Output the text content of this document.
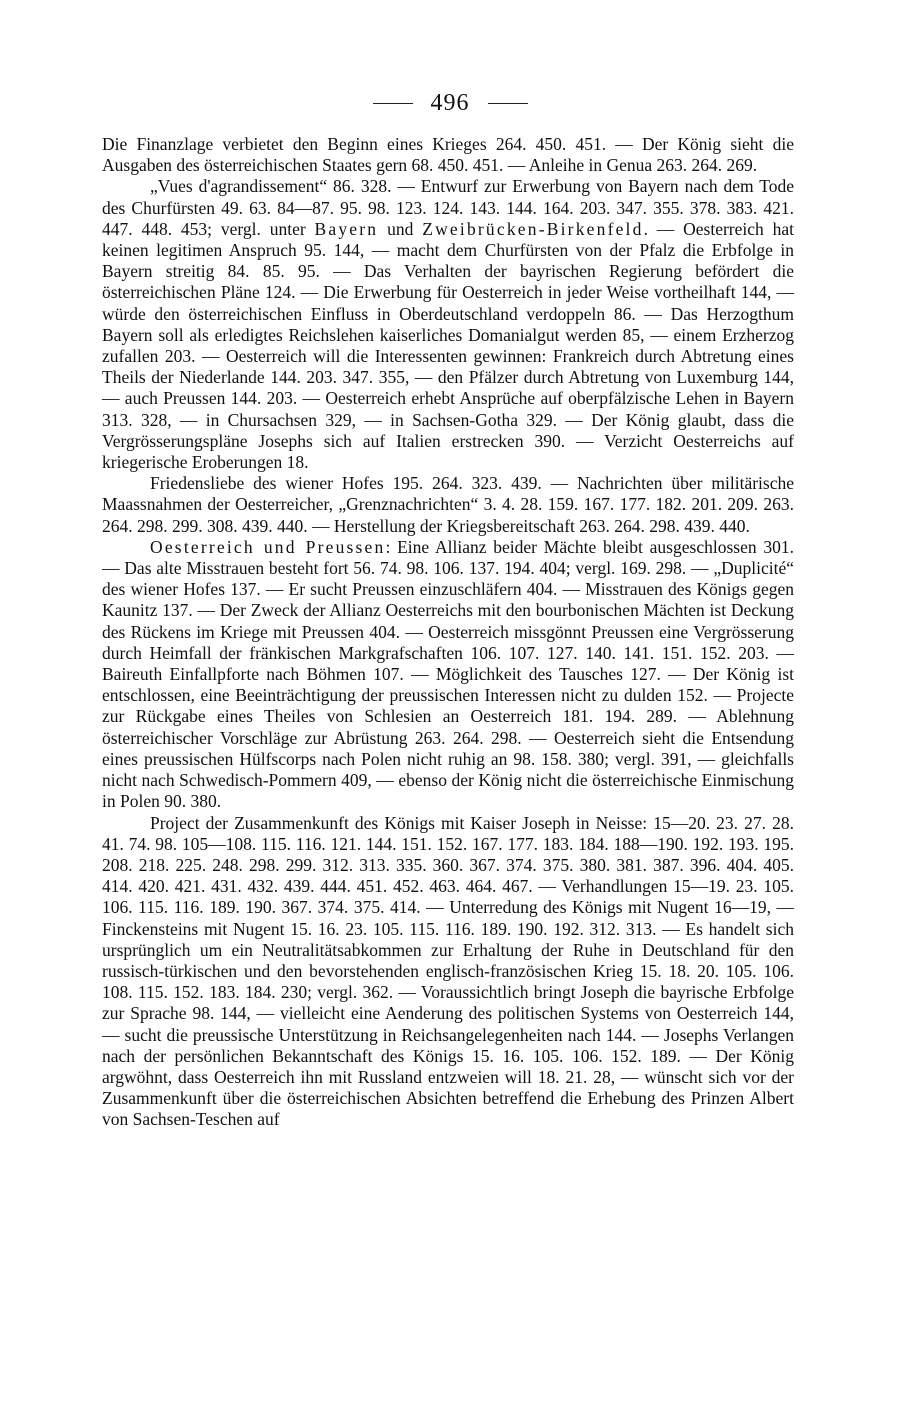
496

Die Finanzlage verbietet den Beginn eines Krieges 264. 450. 451. — Der König sieht die Ausgaben des österreichischen Staates gern 68. 450. 451. — Anleihe in Genua 263. 264. 269.

„Vues d'agrandissement“ 86. 328. — Entwurf zur Erwerbung von Bayern nach dem Tode des Churfürsten 49. 63. 84—87. 95. 98. 123. 124. 143. 144. 164. 203. 347. 355. 378. 383. 421. 447. 448. 453; vergl. unter Bayern und Zweibrücken-Birkenfeld. — Oesterreich hat keinen legitimen Anspruch 95. 144, — macht dem Churfürsten von der Pfalz die Erbfolge in Bayern streitig 84. 85. 95. — Das Verhalten der bayrischen Regierung befördert die österreichischen Pläne 124. — Die Erwerbung für Oesterreich in jeder Weise vortheilhaft 144, — würde den österreichischen Einfluss in Oberdeutschland verdoppeln 86. — Das Herzogthum Bayern soll als erledigtes Reichslehen kaiserliches Domanialgut werden 85, — einem Erzherzog zufallen 203. — Oesterreich will die Interessenten gewinnen: Frankreich durch Abtretung eines Theils der Niederlande 144. 203. 347. 355, — den Pfälzer durch Abtretung von Luxemburg 144, — auch Preussen 144. 203. — Oesterreich erhebt Ansprüche auf oberpfälzische Lehen in Bayern 313. 328, — in Chursachsen 329, — in Sachsen-Gotha 329. — Der König glaubt, dass die Vergrösserungspläne Josephs sich auf Italien erstrecken 390. — Verzicht Oesterreichs auf kriegerische Eroberungen 18.

Friedensliebe des wiener Hofes 195. 264. 323. 439. — Nachrichten über militärische Maassnahmen der Oesterreicher, „Grenznachrichten“ 3. 4. 28. 159. 167. 177. 182. 201. 209. 263. 264. 298. 299. 308. 439. 440. — Herstellung der Kriegsbereitschaft 263. 264. 298. 439. 440.

Oesterreich und Preussen: Eine Allianz beider Mächte bleibt ausgeschlossen 301. — Das alte Misstrauen besteht fort 56. 74. 98. 106. 137. 194. 404; vergl. 169. 298. — „Duplicité“ des wiener Hofes 137. — Er sucht Preussen einzuschläfern 404. — Misstrauen des Königs gegen Kaunitz 137. — Der Zweck der Allianz Oesterreichs mit den bourbonischen Mächten ist Deckung des Rückens im Kriege mit Preussen 404. — Oesterreich missgönnt Preussen eine Vergrösserung durch Heimfall der fränkischen Markgrafschaften 106. 107. 127. 140. 141. 151. 152. 203. — Baireuth Einfallpforte nach Böhmen 107. — Möglichkeit des Tausches 127. — Der König ist entschlossen, eine Beeinträchtigung der preussischen Interessen nicht zu dulden 152. — Projecte zur Rückgabe eines Theiles von Schlesien an Oesterreich 181. 194. 289. — Ablehnung österreichischer Vorschläge zur Abrüstung 263. 264. 298. — Oesterreich sieht die Entsendung eines preussischen Hülfscorps nach Polen nicht ruhig an 98. 158. 380; vergl. 391, — gleichfalls nicht nach Schwedisch-Pommern 409, — ebenso der König nicht die österreichische Einmischung in Polen 90. 380.

Project der Zusammenkunft des Königs mit Kaiser Joseph in Neisse: 15—20. 23. 27. 28. 41. 74. 98. 105—108. 115. 116. 121. 144. 151. 152. 167. 177. 183. 184. 188—190. 192. 193. 195. 208. 218. 225. 248. 298. 299. 312. 313. 335. 360. 367. 374. 375. 380. 381. 387. 396. 404. 405. 414. 420. 421. 431. 432. 439. 444. 451. 452. 463. 464. 467. — Verhandlungen 15—19. 23. 105. 106. 115. 116. 189. 190. 367. 374. 375. 414. — Unterredung des Königs mit Nugent 16—19, — Finckensteins mit Nugent 15. 16. 23. 105. 115. 116. 189. 190. 192. 312. 313. — Es handelt sich ursprünglich um ein Neutralitätsabkommen zur Erhaltung der Ruhe in Deutschland für den russisch-türkischen und den bevorstehenden englisch-französischen Krieg 15. 18. 20. 105. 106. 108. 115. 152. 183. 184. 230; vergl. 362. — Voraussichtlich bringt Joseph die bayrische Erbfolge zur Sprache 98. 144, — vielleicht eine Aenderung des politischen Systems von Oesterreich 144, — sucht die preussische Unterstützung in Reichsangelegenheiten nach 144. — Josephs Verlangen nach der persönlichen Bekanntschaft des Königs 15. 16. 105. 106. 152. 189. — Der König argwöhnt, dass Oesterreich ihn mit Russland entzweien will 18. 21. 28, — wünscht sich vor der Zusammenkunft über die österreichischen Absichten betreffend die Erhebung des Prinzen Albert von Sachsen-Teschen auf
